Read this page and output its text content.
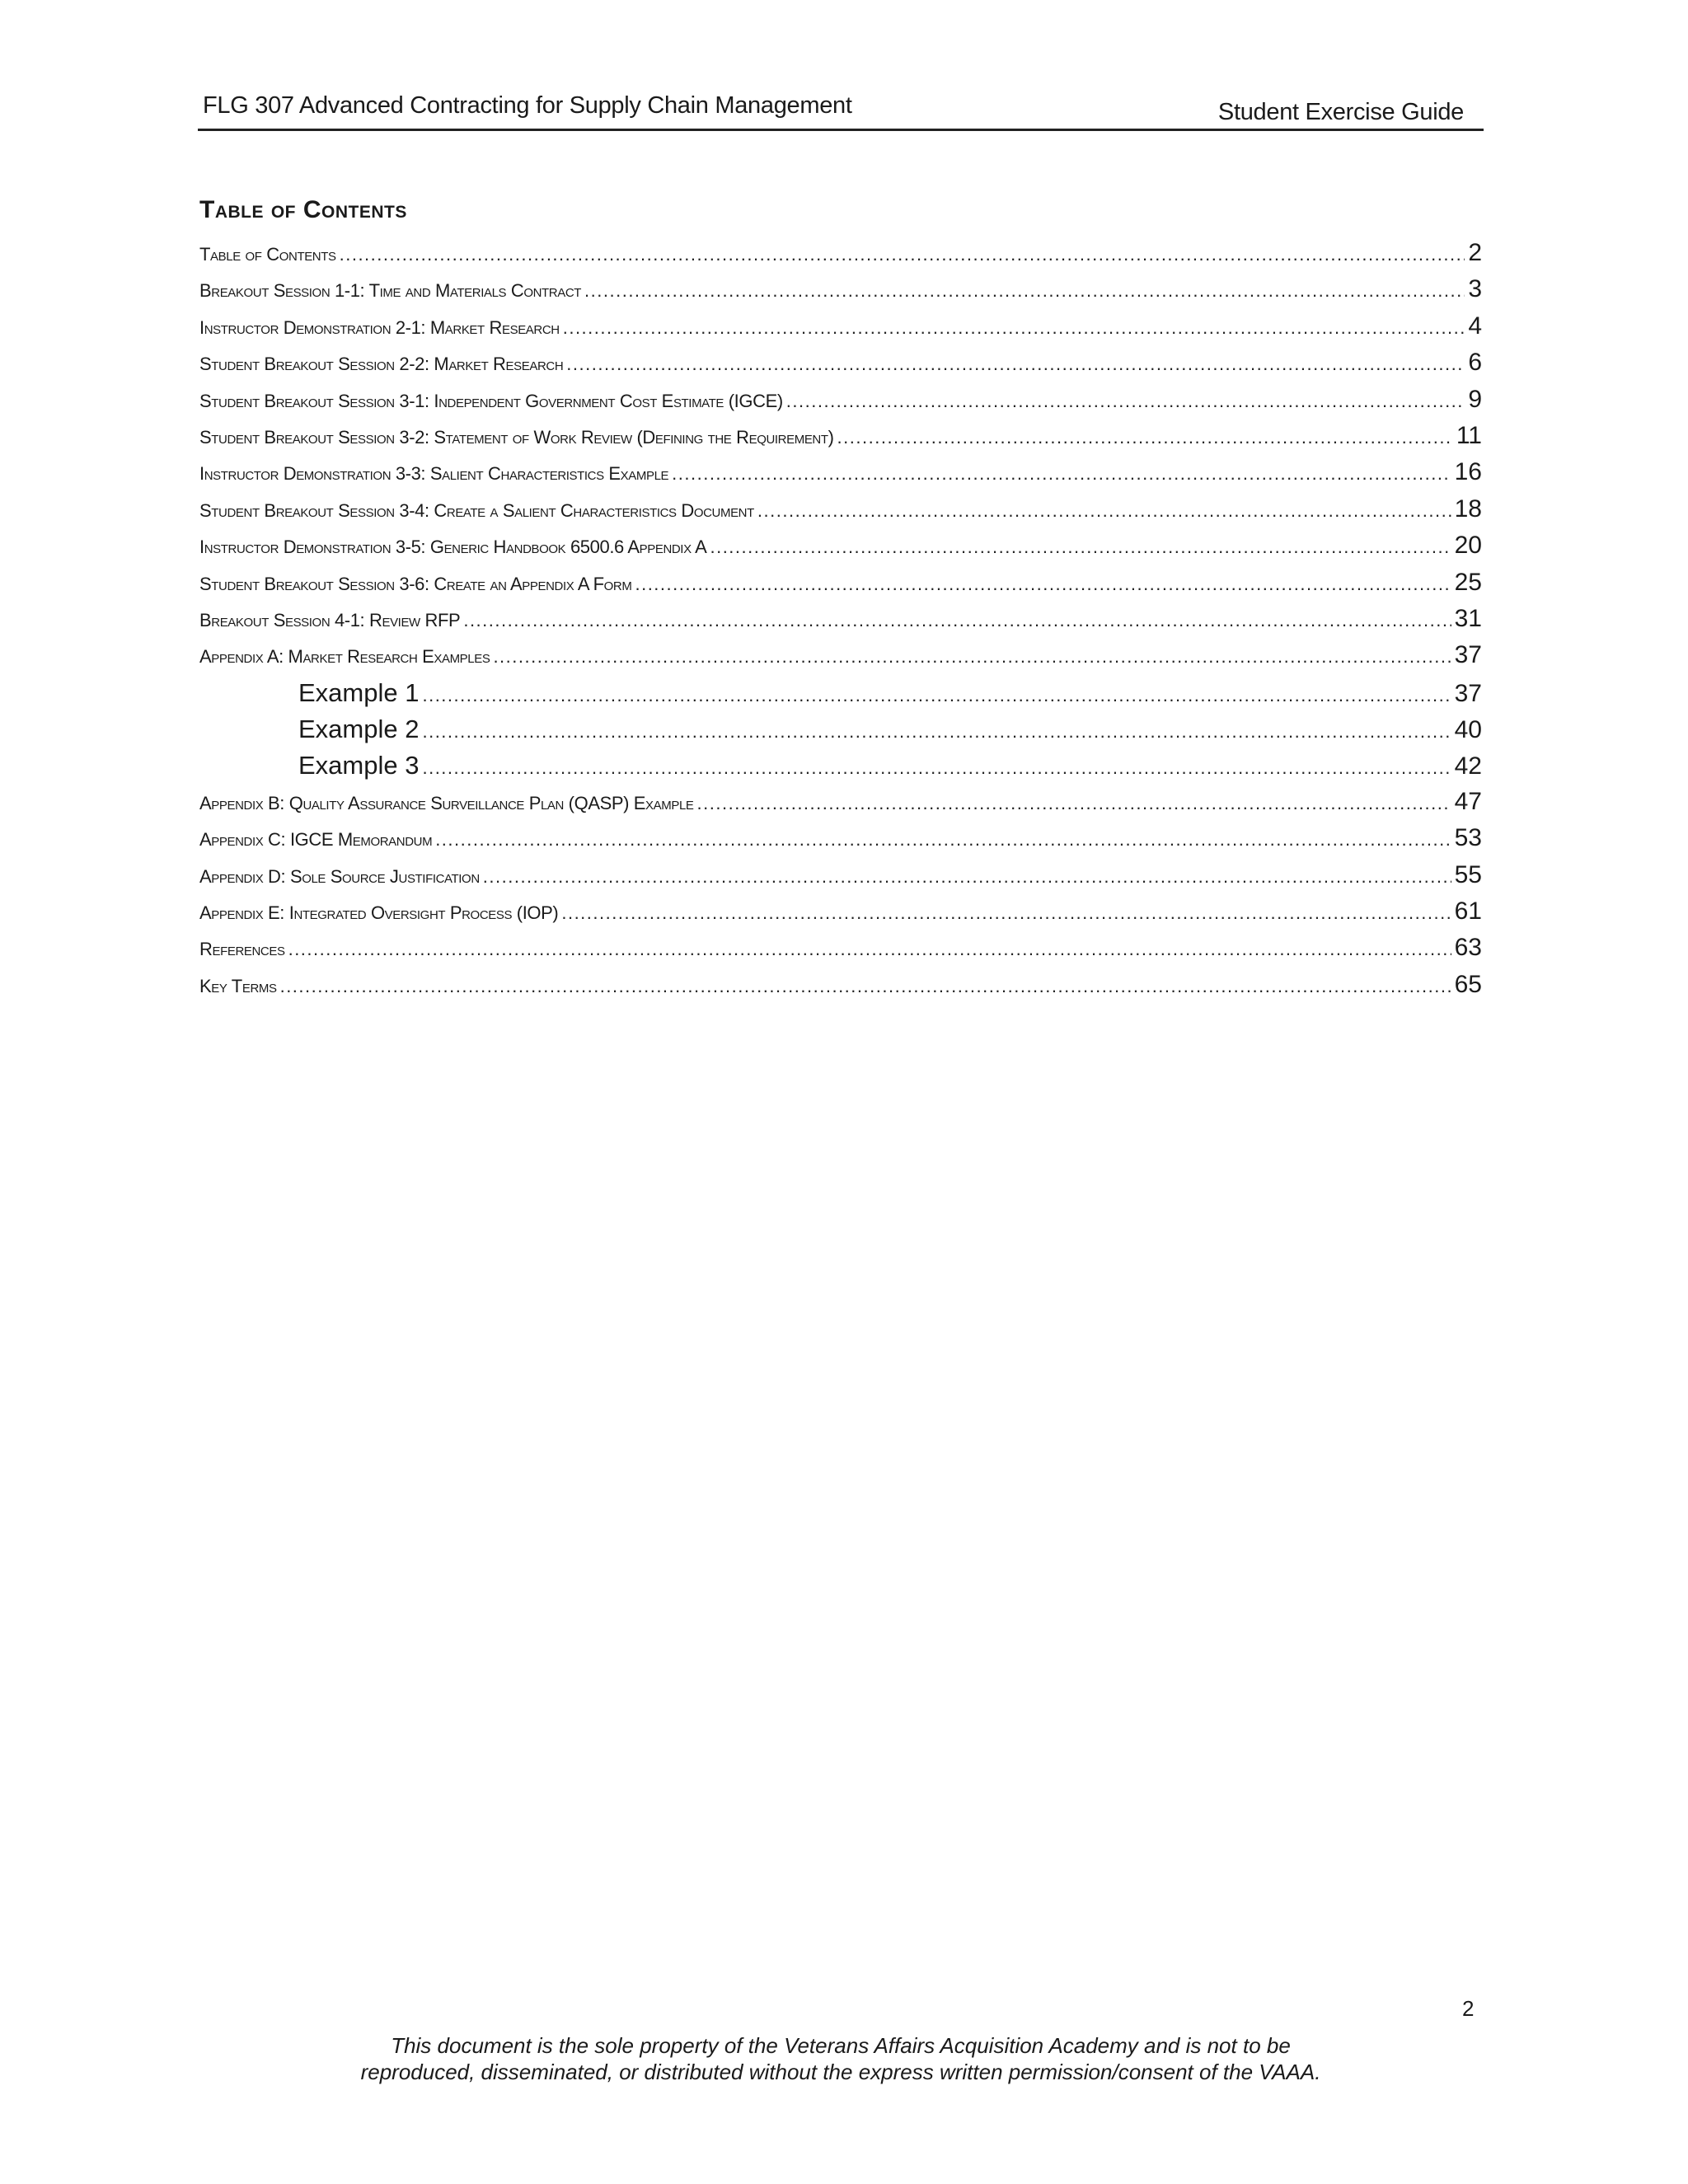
FLG 307 Advanced Contracting for Supply Chain Management	Student Exercise Guide
Table of Contents
Table of Contents .....	2
Breakout Session 1-1: Time and Materials Contract .....	3
Instructor Demonstration 2-1: Market Research .....	4
Student Breakout Session 2-2: Market Research .....	6
Student Breakout Session 3-1: Independent Government Cost Estimate (IGCE) .....	9
Student Breakout Session 3-2: Statement of Work Review (Defining the Requirement) .....	11
Instructor Demonstration 3-3: Salient Characteristics Example .....	16
Student Breakout Session 3-4: Create a Salient Characteristics Document .....	18
Instructor Demonstration 3-5: Generic Handbook 6500.6 Appendix A .....	20
Student Breakout Session 3-6: Create an Appendix A Form .....	25
Breakout Session 4-1: Review RFP .....	31
Appendix A: Market Research Examples .....	37
Example 1 .....	37
Example 2 .....	40
Example 3 .....	42
Appendix B: Quality Assurance Surveillance Plan (QASP) Example .....	47
Appendix C: IGCE Memorandum .....	53
Appendix D: Sole Source Justification .....	55
Appendix E: Integrated Oversight Process (IOP) .....	61
References .....	63
Key Terms .....	65
2
This document is the sole property of the Veterans Affairs Acquisition Academy and is not to be
reproduced, disseminated, or distributed without the express written permission/consent of the VAAA.
